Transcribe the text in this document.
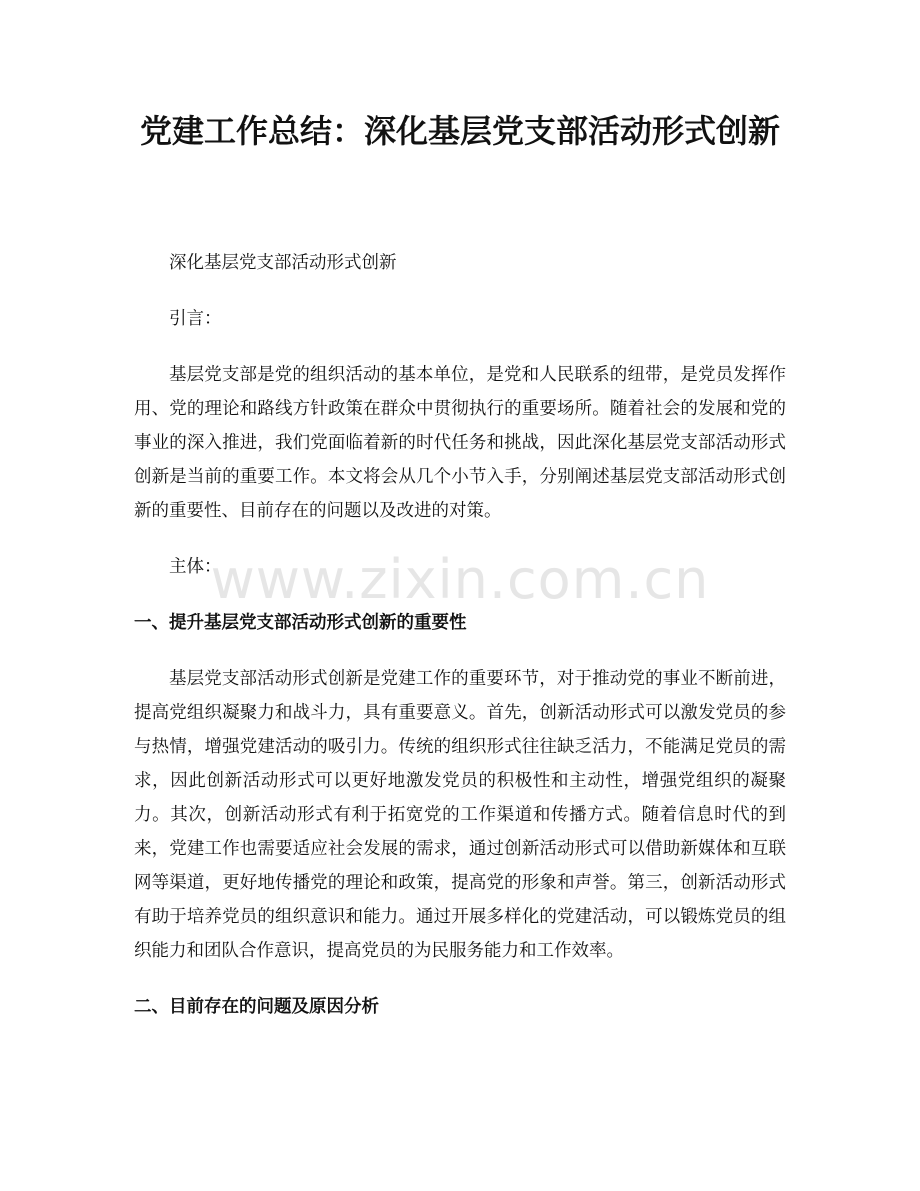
党建工作总结：深化基层党支部活动形式创新
www.zixin.com.cn

深化基层党支部活动形式创新

引言：

基层党支部是党的组织活动的基本单位，是党和人民联系的纽带，是党员发挥作用、党的理论和路线方针政策在群众中贯彻执行的重要场所。随着社会的发展和党的事业的深入推进，我们党面临着新的时代任务和挑战，因此深化基层党支部活动形式创新是当前的重要工作。本文将会从几个小节入手，分别阐述基层党支部活动形式创新的重要性、目前存在的问题以及改进的对策。

主体：

一、提升基层党支部活动形式创新的重要性

基层党支部活动形式创新是党建工作的重要环节，对于推动党的事业不断前进，提高党组织凝聚力和战斗力，具有重要意义。首先，创新活动形式可以激发党员的参与热情，增强党建活动的吸引力。传统的组织形式往往缺乏活力，不能满足党员的需求，因此创新活动形式可以更好地激发党员的积极性和主动性，增强党组织的凝聚力。其次，创新活动形式有利于拓宽党的工作渠道和传播方式。随着信息时代的到来，党建工作也需要适应社会发展的需求，通过创新活动形式可以借助新媒体和互联网等渠道，更好地传播党的理论和政策，提高党的形象和声誉。第三，创新活动形式有助于培养党员的组织意识和能力。通过开展多样化的党建活动，可以锻炼党员的组织能力和团队合作意识，提高党员的为民服务能力和工作效率。

二、目前存在的问题及原因分析
